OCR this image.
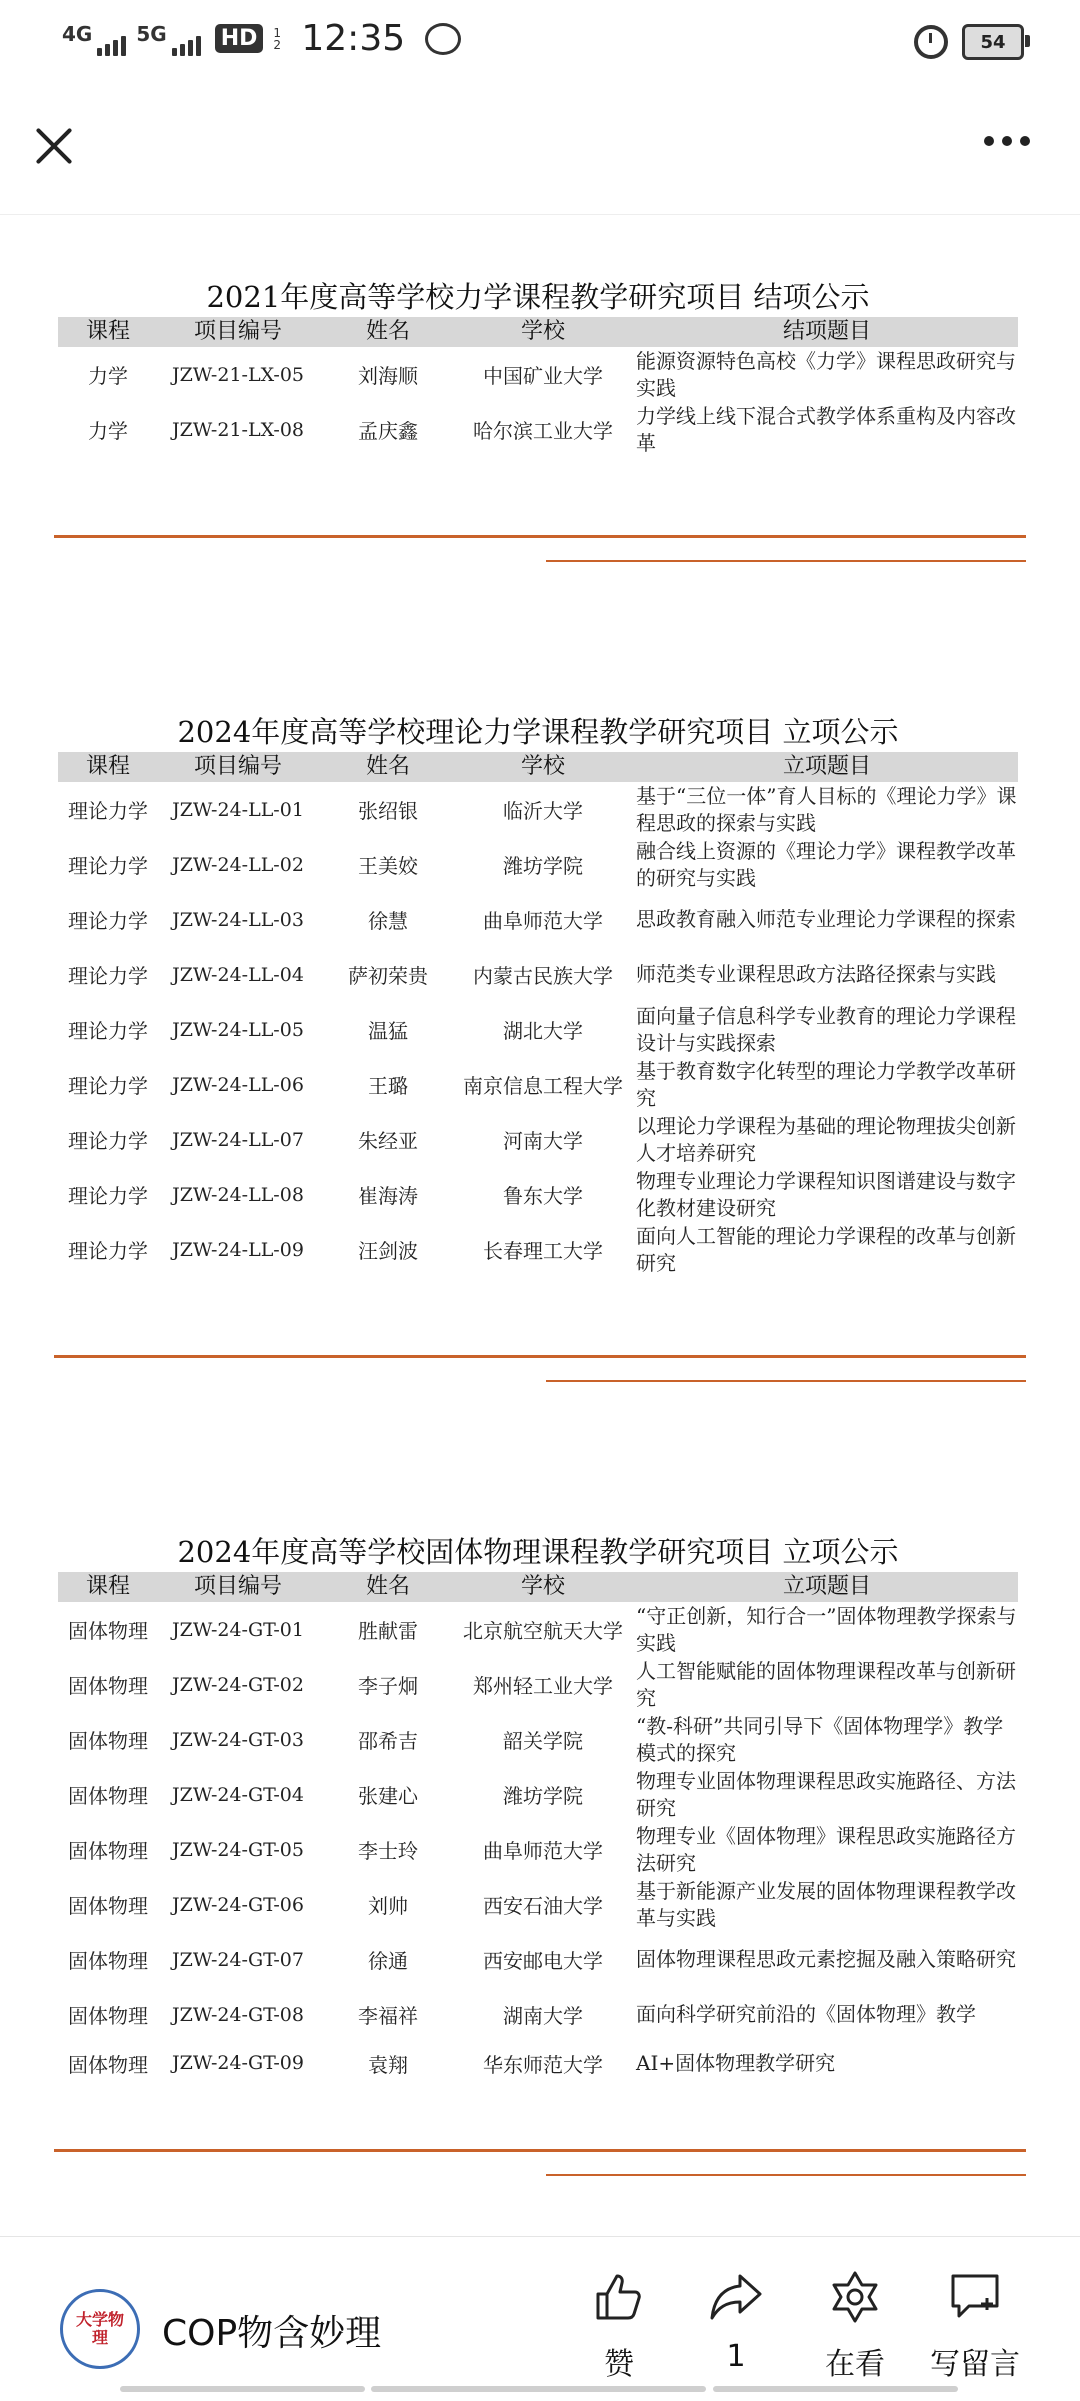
4G 5G HD	1 2 12:35	54
2021年度高等学校力学课程教学研究项目 结项公示
课程	项目编号	姓名	学校	结项题目
力学	JZW-21-LX-05	刘海顺	中国矿业大学
能源资源特色高校《力学》课程思政研究与实践
力学	JZW-21-LX-08	孟庆鑫	哈尔滨工业大学
力学线上线下混合式教学体系重构及内容改革
2024年度高等学校理论力学课程教学研究项目 立项公示
课程	项目编号	姓名	学校	立项题目
理论力学	JZW-24-LL-01	张绍银	临沂大学
基于“三位一体”育人目标的《理论力学》课程思政的探索与实践
理论力学	JZW-24-LL-02	王美姣	潍坊学院
融合线上资源的《理论力学》课程教学改革的研究与实践
理论力学	JZW-24-LL-03	徐慧	曲阜师范大学	思政教育融入师范专业理论力学课程的探索
理论力学	JZW-24-LL-04	萨初荣贵	内蒙古民族大学	师范类专业课程思政方法路径探索与实践
理论力学	JZW-24-LL-05	温猛	湖北大学
面向量子信息科学专业教育的理论力学课程设计与实践探索
理论力学	JZW-24-LL-06	王璐	南京信息工程大学
基于教育数字化转型的理论力学教学改革研究
理论力学	JZW-24-LL-07	朱经亚	河南大学
以理论力学课程为基础的理论物理拔尖创新人才培养研究
理论力学	JZW-24-LL-08	崔海涛	鲁东大学
物理专业理论力学课程知识图谱建设与数字化教材建设研究
理论力学	JZW-24-LL-09	汪剑波	长春理工大学
面向人工智能的理论力学课程的改革与创新研究
2024年度高等学校固体物理课程教学研究项目 立项公示
课程	项目编号	姓名	学校	立项题目
固体物理	JZW-24-GT-01	胜献雷	北京航空航天大学
“守正创新，知行合一”固体物理教学探索与实践
固体物理	JZW-24-GT-02	李子炯	郑州轻工业大学
人工智能赋能的固体物理课程改革与创新研究
固体物理	JZW-24-GT-03	邵希吉	韶关学院
“教-科研”共同引导下《固体物理学》教学模式的探究
固体物理	JZW-24-GT-04	张建心	潍坊学院
物理专业固体物理课程思政实施路径、方法研究
固体物理	JZW-24-GT-05	李士玲	曲阜师范大学
物理专业《固体物理》课程思政实施路径方法研究
固体物理	JZW-24-GT-06	刘帅	西安石油大学
基于新能源产业发展的固体物理课程教学改革与实践
固体物理	JZW-24-GT-07	徐通	西安邮电大学	固体物理课程思政元素挖掘及融入策略研究
固体物理	JZW-24-GT-08	李福祥	湖南大学	面向科学研究前沿的《固体物理》教学
固体物理	JZW-24-GT-09	袁翔	华东师范大学	AI+固体物理教学研究
大学物理	COP物含妙理
赞	1	在看	写留言
